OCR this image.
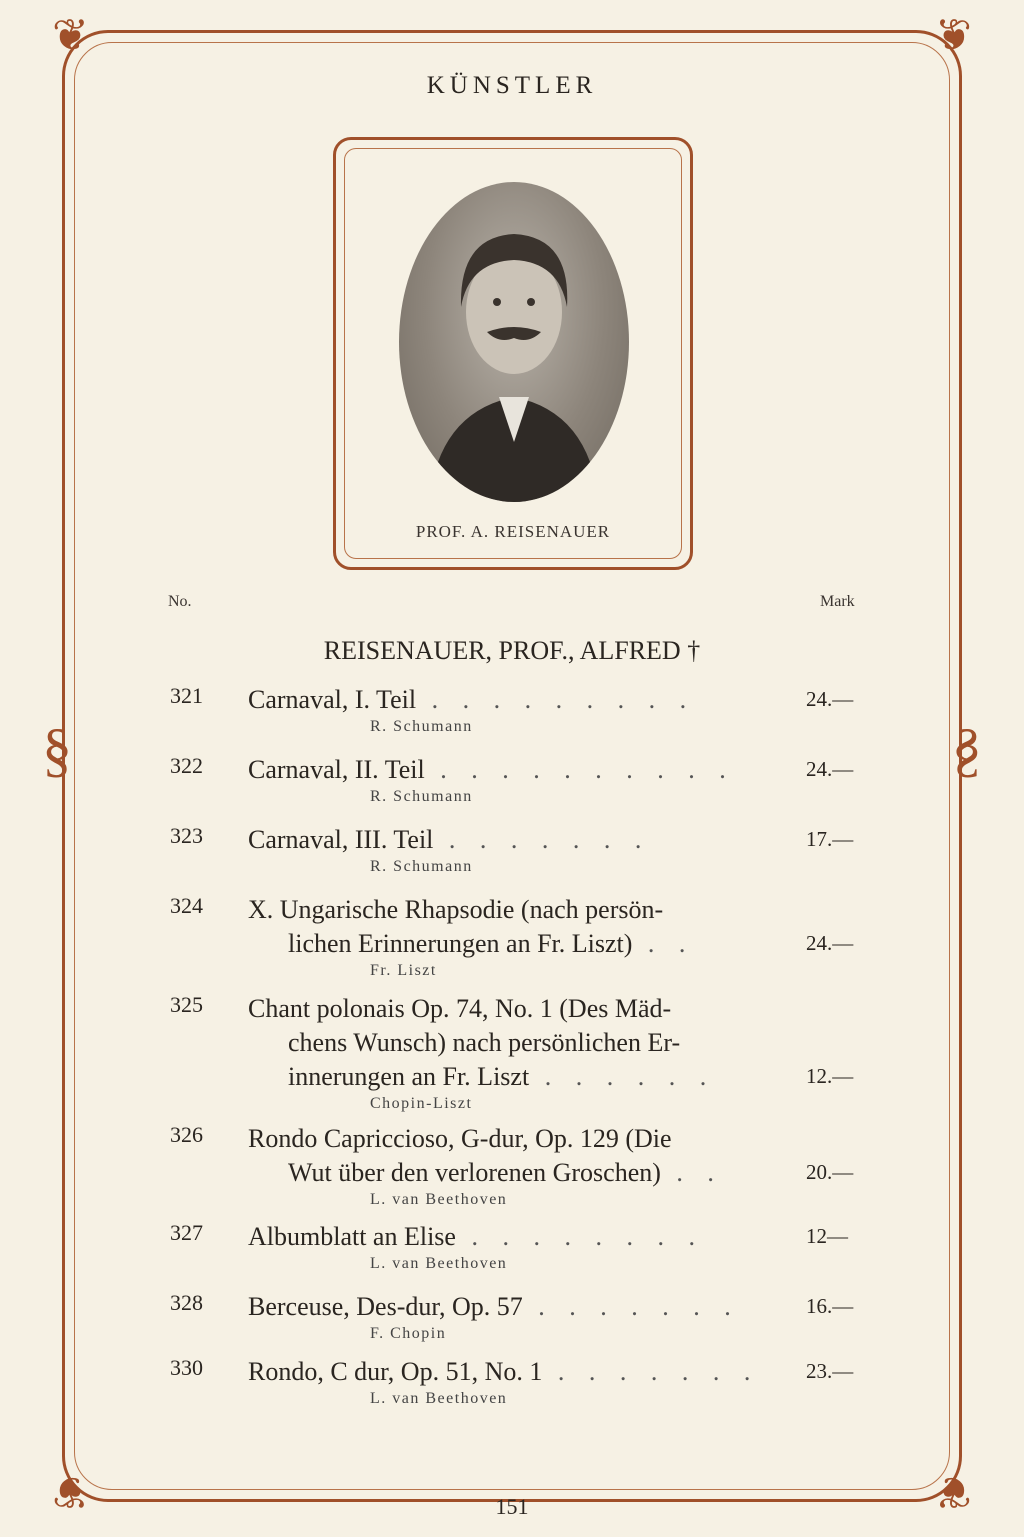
❦	❦
❦	❦
§	§
KÜNSTLER
PROF. A. REISENAUER
No.	Mark
REISENAUER, PROF., ALFRED †
321	Carnaval, I. Teil . . . . . . . . .	24.—
R. Schumann
322	Carnaval, II. Teil . . . . . . . . . .	24.—
R. Schumann
323	Carnaval, III. Teil . . . . . . .	17.—
R. Schumann
324	X. Ungarische Rhapsodie (nach persön-
lichen Erinnerungen an Fr. Liszt) . .	24.—
Fr. Liszt
325	Chant polonais Op. 74, No. 1 (Des Mäd-
chens Wunsch) nach persönlichen Er-
innerungen an Fr. Liszt . . . . . .	12.—
Chopin-Liszt
326	Rondo Capriccioso, G-dur, Op. 129 (Die
Wut über den verlorenen Groschen) . .	20.—
L. van Beethoven
327	Albumblatt an Elise . . . . . . . .	12—
L. van Beethoven
328	Berceuse, Des-dur, Op. 57 . . . . . . .	16.—
F. Chopin
330	Rondo, C dur, Op. 51, No. 1 . . . . . . .	23.—
L. van Beethoven
151
